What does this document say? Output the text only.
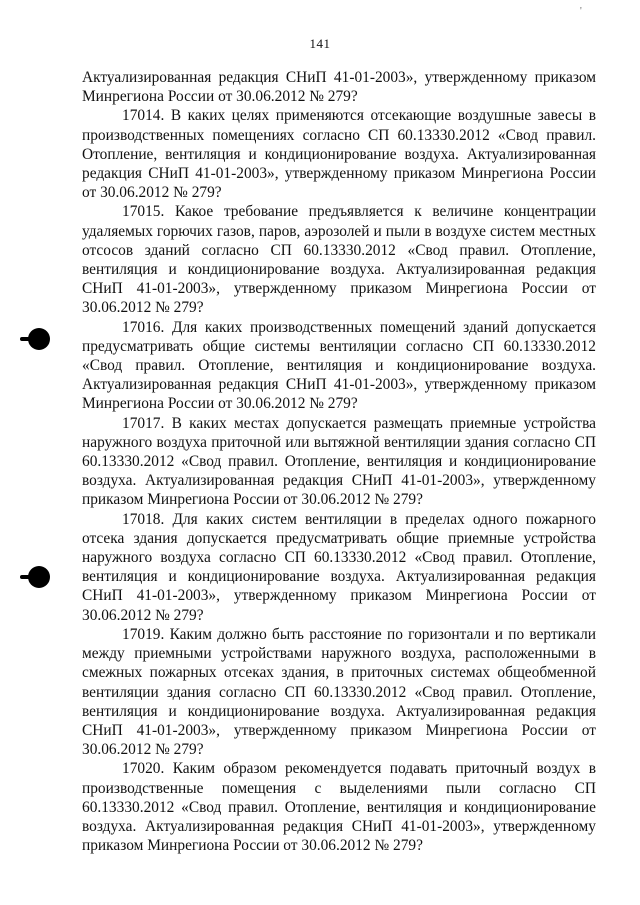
'
141

Актуализированная редакция СНиП 41-01-2003», утвержденному приказом Минрегиона России от 30.06.2012 № 279?

17014. В каких целях применяются отсекающие воздушные завесы в производственных помещениях согласно СП 60.13330.2012 «Свод правил. Отопление, вентиляция и кондиционирование воздуха. Актуализированная редакция СНиП 41-01-2003», утвержденному приказом Минрегиона России от 30.06.2012 № 279?

17015. Какое требование предъявляется к величине концентрации удаляемых горючих газов, паров, аэрозолей и пыли в воздухе систем местных отсосов зданий согласно СП 60.13330.2012 «Свод правил. Отопление, вентиляция и кондиционирование воздуха. Актуализированная редакция СНиП 41-01-2003», утвержденному приказом Минрегиона России от 30.06.2012 № 279?

17016. Для каких производственных помещений зданий допускается предусматривать общие системы вентиляции согласно СП 60.13330.2012 «Свод правил. Отопление, вентиляция и кондиционирование воздуха. Актуализированная редакция СНиП 41-01-2003», утвержденному приказом Минрегиона России от 30.06.2012 № 279?

17017. В каких местах допускается размещать приемные устройства наружного воздуха приточной или вытяжной вентиляции здания согласно СП 60.13330.2012 «Свод правил. Отопление, вентиляция и кондиционирование воздуха. Актуализированная редакция СНиП 41-01-2003», утвержденному приказом Минрегиона России от 30.06.2012 № 279?

17018. Для каких систем вентиляции в пределах одного пожарного отсека здания допускается предусматривать общие приемные устройства наружного воздуха согласно СП 60.13330.2012 «Свод правил. Отопление, вентиляция и кондиционирование воздуха. Актуализированная редакция СНиП 41-01-2003», утвержденному приказом Минрегиона России от 30.06.2012 № 279?

17019. Каким должно быть расстояние по горизонтали и по вертикали между приемными устройствами наружного воздуха, расположенными в смежных пожарных отсеках здания, в приточных системах общеобменной вентиляции здания согласно СП 60.13330.2012 «Свод правил. Отопление, вентиляция и кондиционирование воздуха. Актуализированная редакция СНиП 41-01-2003», утвержденному приказом Минрегиона России от 30.06.2012 № 279?

17020. Каким образом рекомендуется подавать приточный воздух в производственные помещения с выделениями пыли согласно СП 60.13330.2012 «Свод правил. Отопление, вентиляция и кондиционирование воздуха. Актуализированная редакция СНиП 41-01-2003», утвержденному приказом Минрегиона России от 30.06.2012 № 279?
